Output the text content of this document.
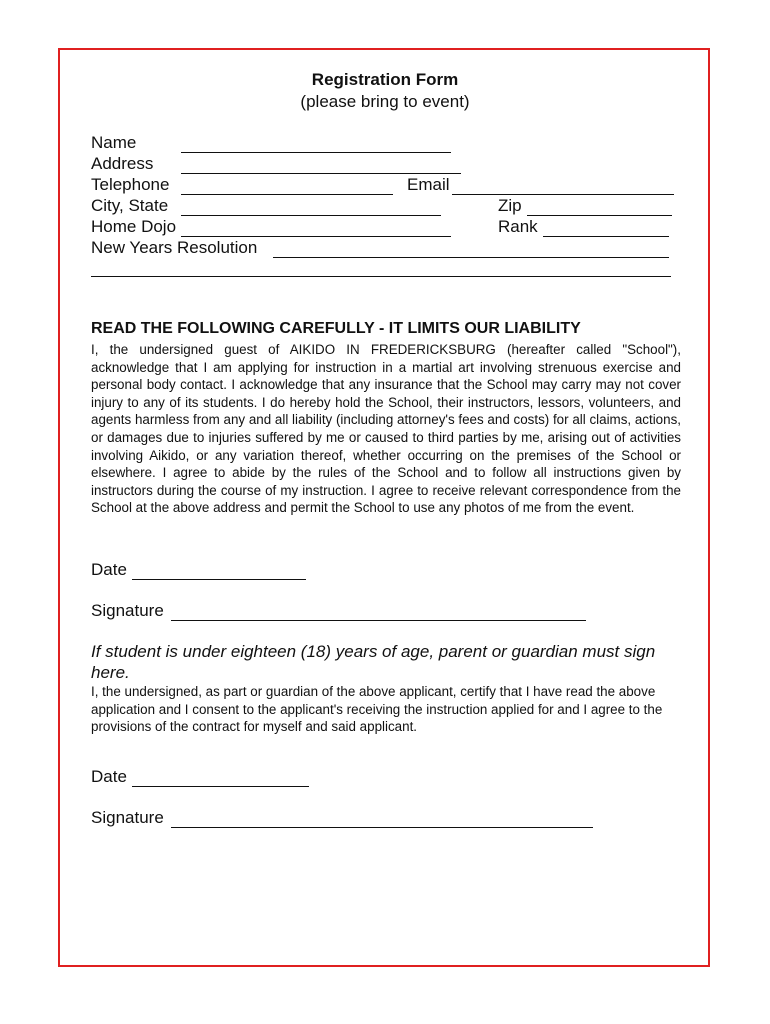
Registration Form
(please bring to event)
Name
Address
Telephone	Email
City, State	Zip
Home Dojo	Rank
New Years Resolution
READ THE FOLLOWING CAREFULLY - IT LIMITS OUR LIABILITY
I, the undersigned guest of AIKIDO IN FREDERICKSBURG (hereafter called "School"), acknowledge that I am applying for instruction in a martial art involving strenuous exercise and personal body contact. I acknowledge that any insurance that the School may carry may not cover injury to any of its students. I do hereby hold the School, their instructors, lessors, volunteers, and agents harmless from any and all liability (including attorney's fees and costs) for all claims, actions, or damages due to injuries suffered by me or caused to third parties by me, arising out of activities involving Aikido, or any variation thereof, whether occurring on the premises of the School or elsewhere. I agree to abide by the rules of the School and to follow all instructions given by instructors during the course of my instruction. I agree to receive relevant correspondence from the School at the above address and permit the School to use any photos of me from the event.
Date
Signature
If student is under eighteen (18) years of age, parent or guardian must sign here.
I, the undersigned, as part or guardian of the above applicant, certify that I have read the above application and I consent to the applicant's receiving the instruction applied for and I agree to the provisions of the contract for myself and said applicant.
Date
Signature
